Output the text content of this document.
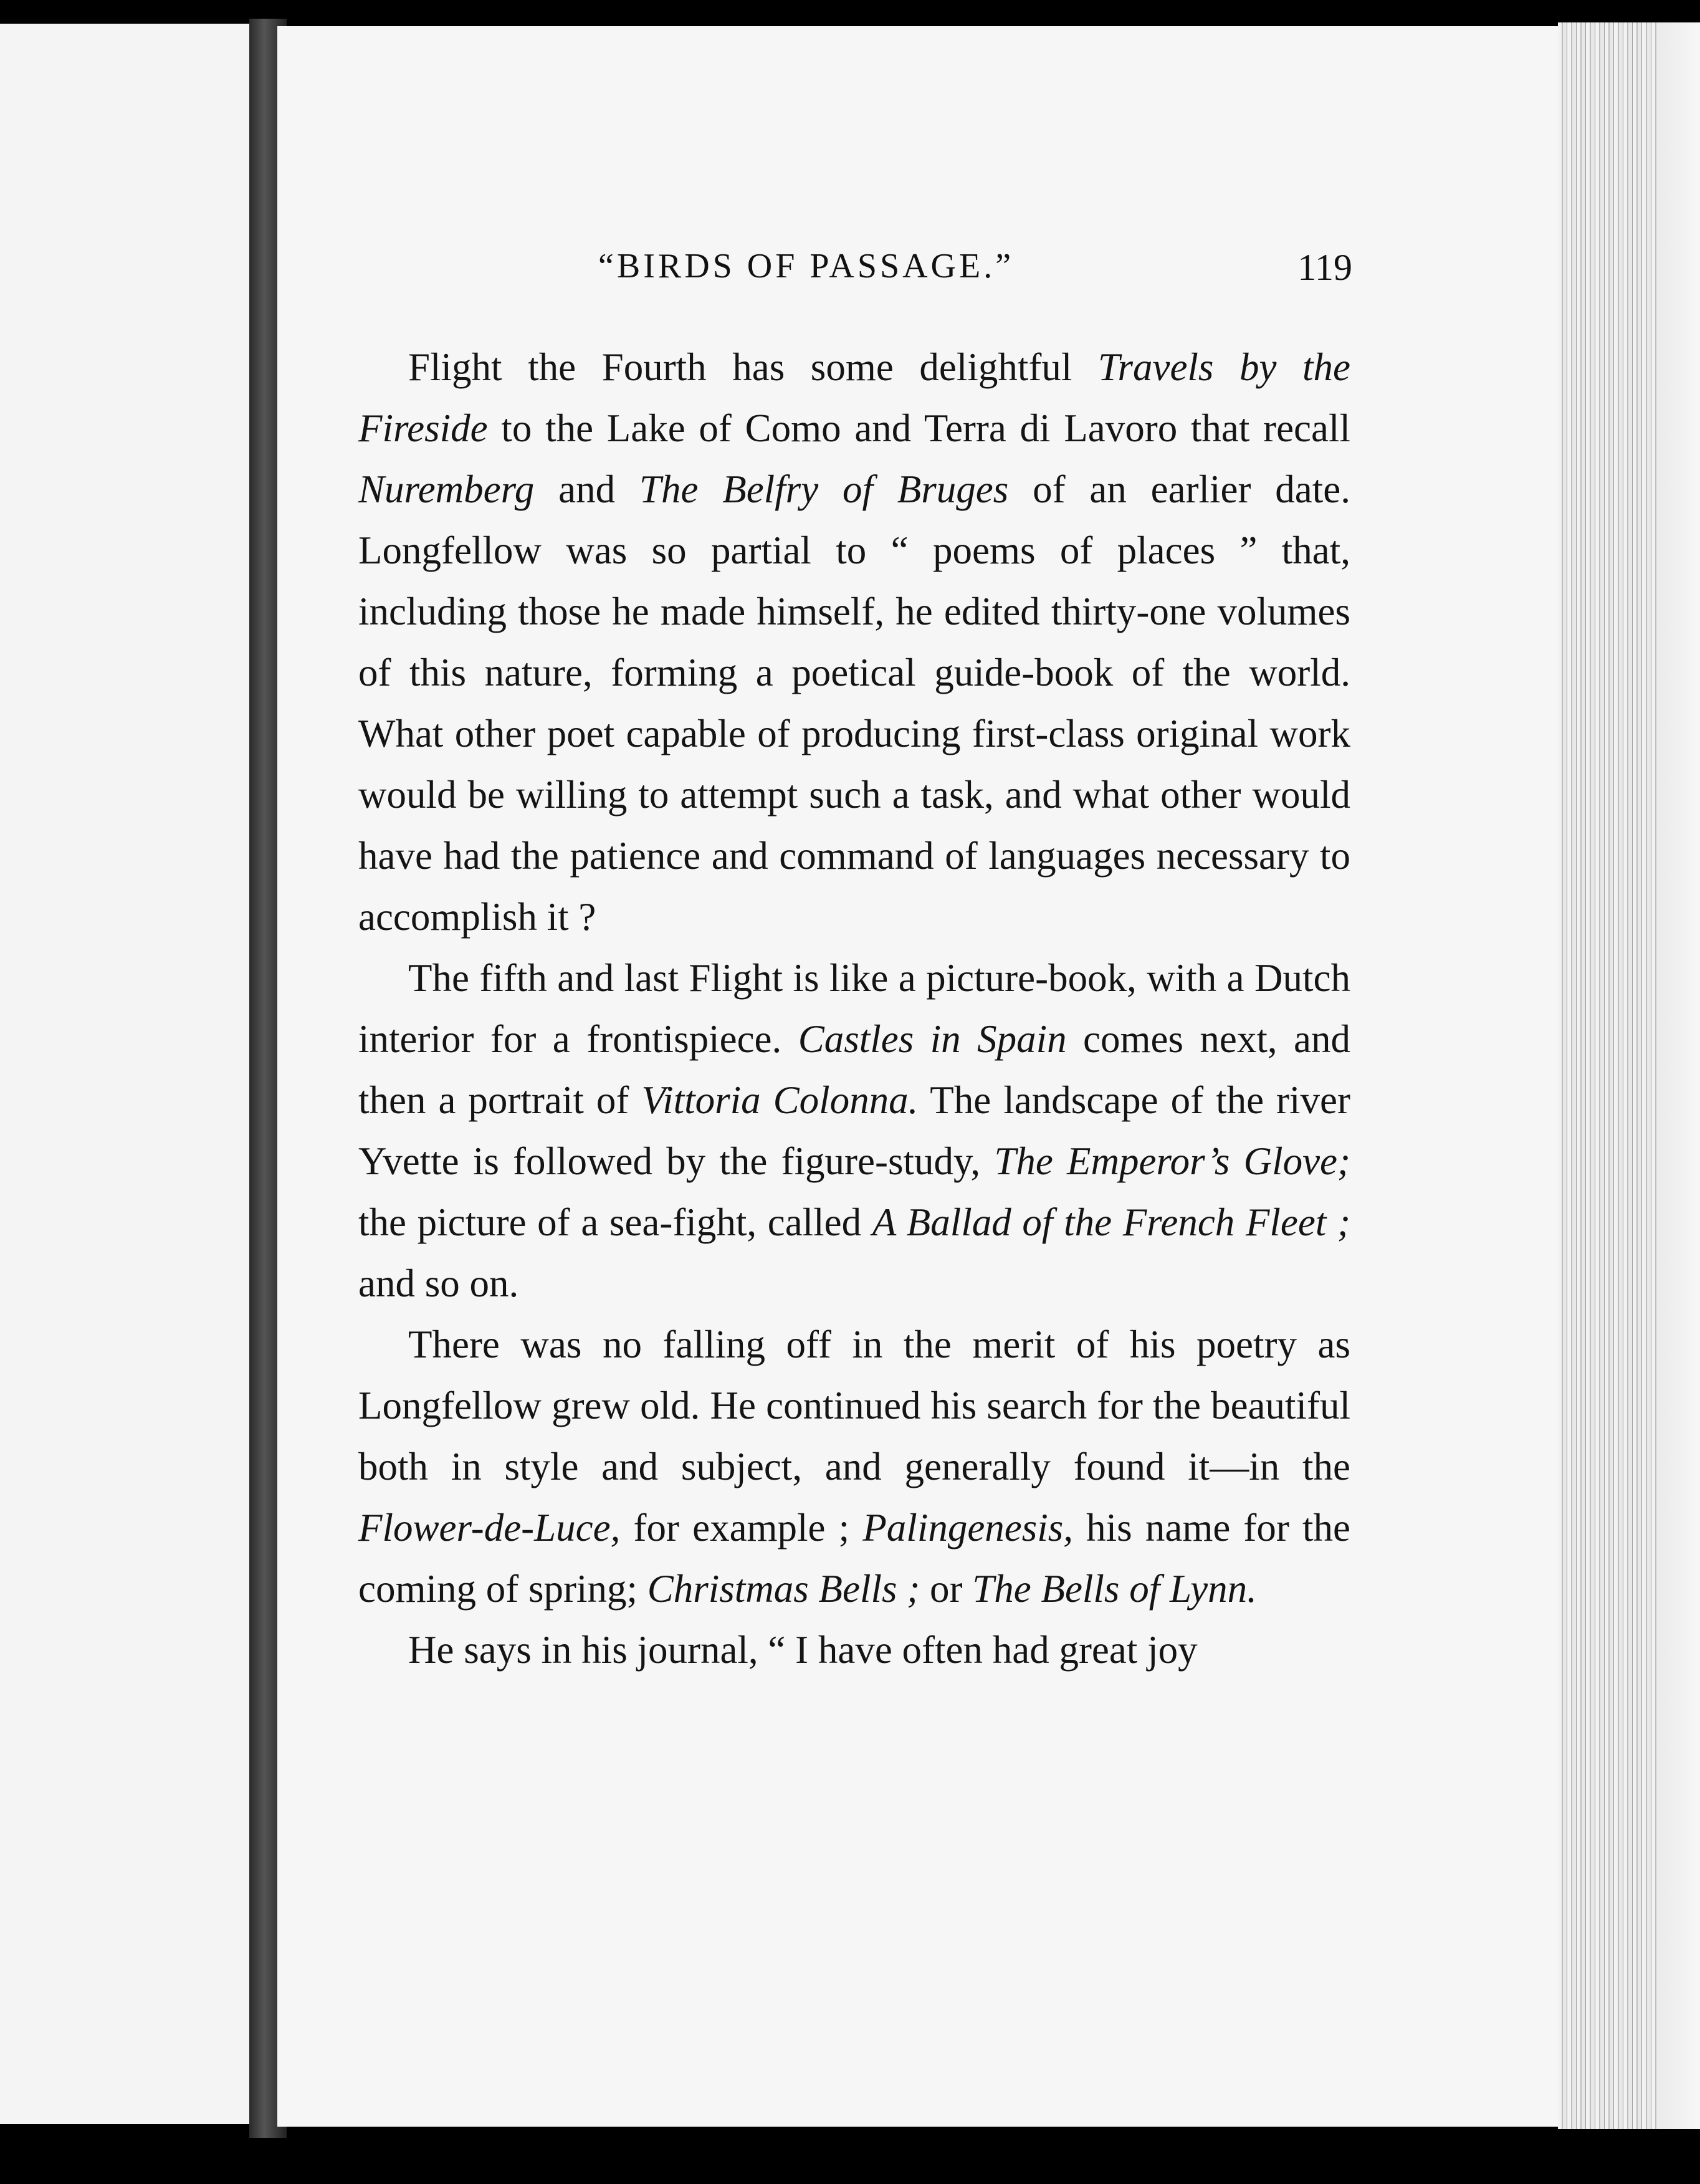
“BIRDS OF PASSAGE.”	119

Flight the Fourth has some delightful Travels by the Fireside to the Lake of Como and Terra di Lavoro that recall Nuremberg and The Belfry of Bruges of an earlier date. Longfellow was so partial to “ poems of places ” that, including those he made himself, he edited thirty-one volumes of this nature, forming a poetical guide-book of the world. What other poet capable of producing first-class original work would be willing to attempt such a task, and what other would have had the patience and command of languages necessary to accomplish it ?

The fifth and last Flight is like a picture-book, with a Dutch interior for a frontispiece. Castles in Spain comes next, and then a portrait of Vittoria Colonna. The landscape of the river Yvette is followed by the figure-study, The Emperor’s Glove; the picture of a sea-fight, called A Ballad of the French Fleet ; and so on.

There was no falling off in the merit of his poetry as Longfellow grew old. He continued his search for the beautiful both in style and subject, and generally found it—in the Flower-de-Luce, for example ; Palingenesis, his name for the coming of spring; Christmas Bells ; or The Bells of Lynn.

He says in his journal, “ I have often had great joy
